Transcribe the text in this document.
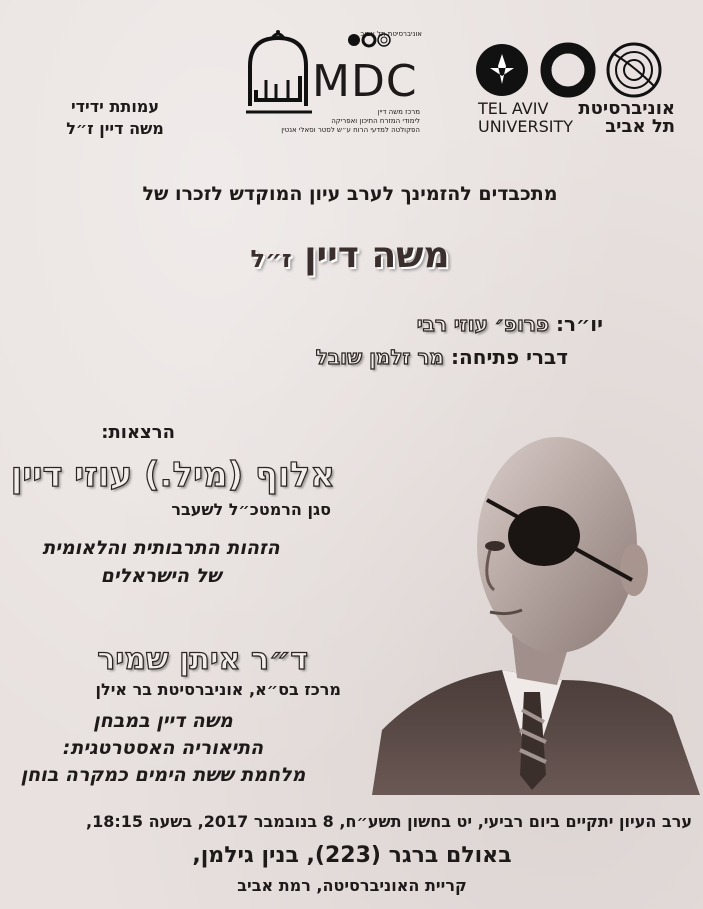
עמותת ידידי
משה דיין ז״ל
אוניברסיטת תל אביב
MDC
מרכז משה דיין
לימודי המזרח התיכון ואפריקה
הפקולטה למדעי הרוח ע״ש לסטר וסאלי אנטין
TEL AVIV
UNIVERSITY
אוניברסיטת
תל אביב
מתכבדים להזמינך לערב עיון המוקדש לזכרו של
משה דיין ז״ל
יו״ר: פרופ׳ עוזי רבי
דברי פתיחה: מר זלמן שובל
הרצאות:
אלוף (מיל.) עוזי דיין
סגן הרמטכ״ל לשעבר
הזהות התרבותית והלאומית
של הישראלים
ד״ר איתן שמיר
מרכז בס״א, אוניברסיטת בר אילן
משה דיין במבחן
התיאוריה האסטרטגית:
מלחמת ששת הימים כמקרה בוחן
ערב העיון יתקיים ביום רביעי, יט בחשון תשע״ח, 8 בנובמבר 2017, בשעה 18:15,
באולם ברגר (223), בנין גילמן,
קריית האוניברסיטה, רמת אביב
